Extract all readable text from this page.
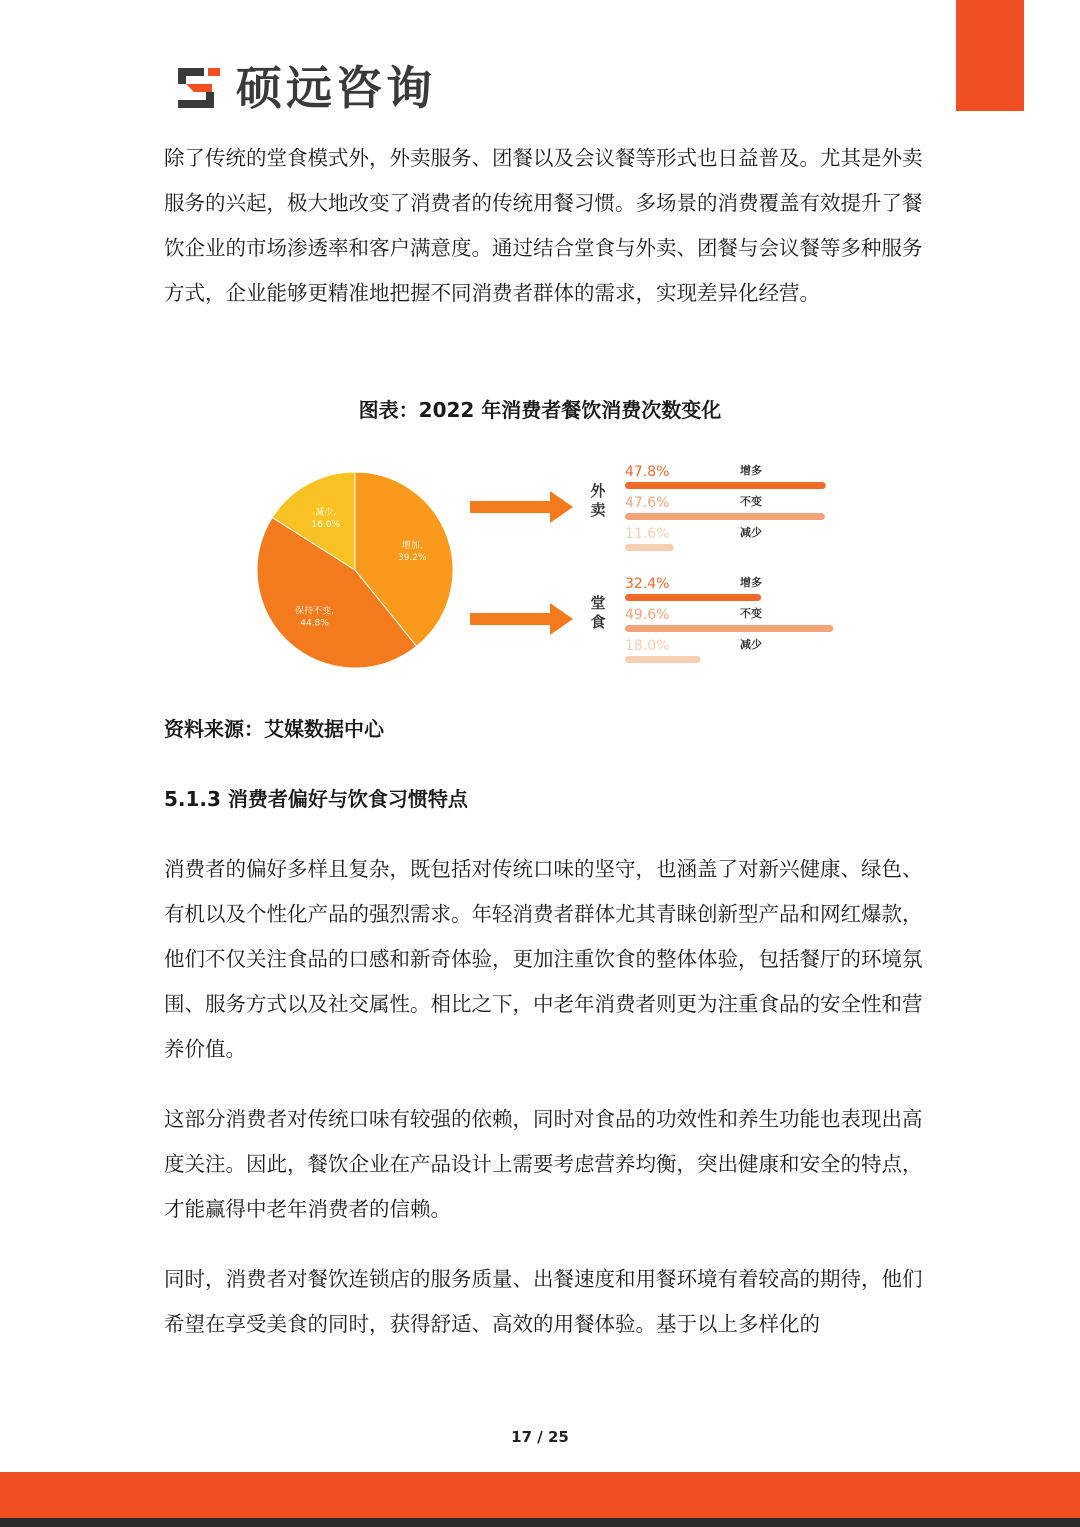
硕远咨询

除了传统的堂食模式外，外卖服务、团餐以及会议餐等形式也日益普及。尤其是外卖服务的兴起，极大地改变了消费者的传统用餐习惯。多场景的消费覆盖有效提升了餐饮企业的市场渗透率和客户满意度。通过结合堂食与外卖、团餐与会议餐等多种服务方式，企业能够更精准地把握不同消费者群体的需求，实现差异化经营。

图表：2022 年消费者餐饮消费次数变化
增加,
39.2%
保持不变,
44.8%
减少,
16.0%
外
卖
47.8%	增多
47.6%	不变
11.6%	减少
堂
食
32.4%	增多
49.6%	不变
18.0%	减少
资料来源：艾媒数据中心
5.1.3 消费者偏好与饮食习惯特点

消费者的偏好多样且复杂，既包括对传统口味的坚守，也涵盖了对新兴健康、绿色、有机以及个性化产品的强烈需求。年轻消费者群体尤其青睐创新型产品和网红爆款，他们不仅关注食品的口感和新奇体验，更加注重饮食的整体体验，包括餐厅的环境氛围、服务方式以及社交属性。相比之下，中老年消费者则更为注重食品的安全性和营养价值。

这部分消费者对传统口味有较强的依赖，同时对食品的功效性和养生功能也表现出高度关注。因此，餐饮企业在产品设计上需要考虑营养均衡，突出健康和安全的特点，才能赢得中老年消费者的信赖。

同时，消费者对餐饮连锁店的服务质量、出餐速度和用餐环境有着较高的期待，他们希望在享受美食的同时，获得舒适、高效的用餐体验。基于以上多样化的

17 / 25
